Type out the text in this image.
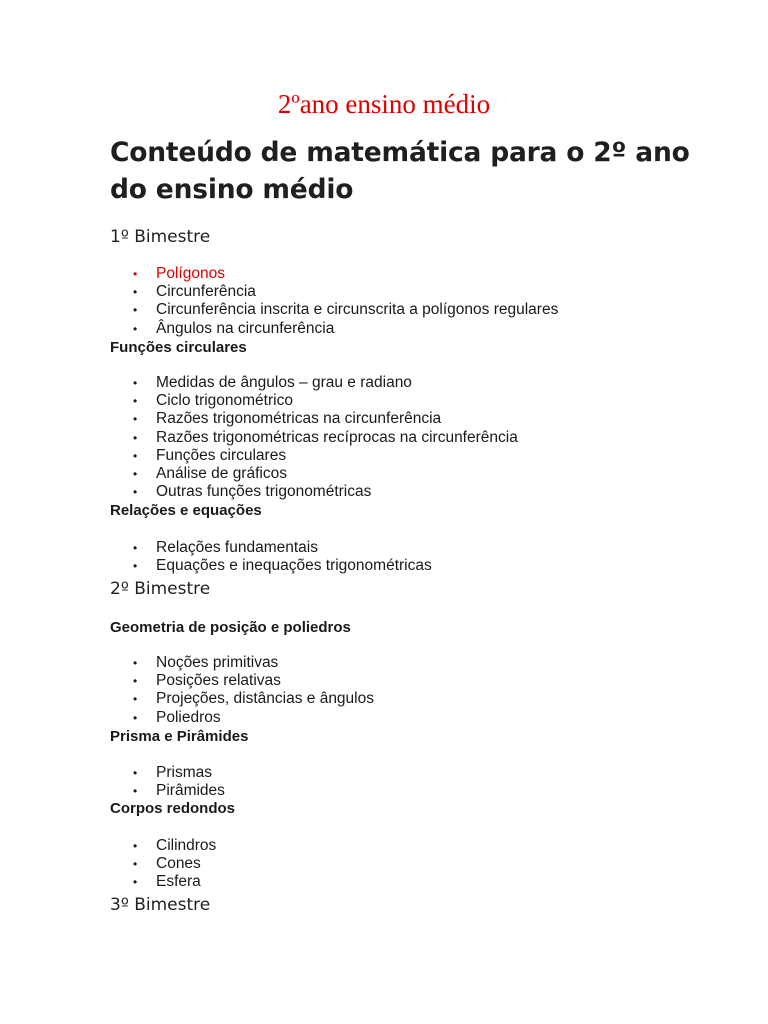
2ºano ensino médio
Conteúdo de matemática para o 2º ano
do ensino médio
1º Bimestre
• Polígonos
• Circunferência
• Circunferência inscrita e circunscrita a polígonos regulares
• Ângulos na circunferência
Funções circulares
• Medidas de ângulos – grau e radiano
• Ciclo trigonométrico
• Razões trigonométricas na circunferência
• Razões trigonométricas recíprocas na circunferência
• Funções circulares
• Análise de gráficos
• Outras funções trigonométricas
Relações e equações
• Relações fundamentais
• Equações e inequações trigonométricas
2º Bimestre
Geometria de posição e poliedros
• Noções primitivas
• Posições relativas
• Projeções, distâncias e ângulos
• Poliedros
Prisma e Pirâmides
• Prismas
• Pirâmides
Corpos redondos
• Cilindros
• Cones
• Esfera
3º Bimestre
